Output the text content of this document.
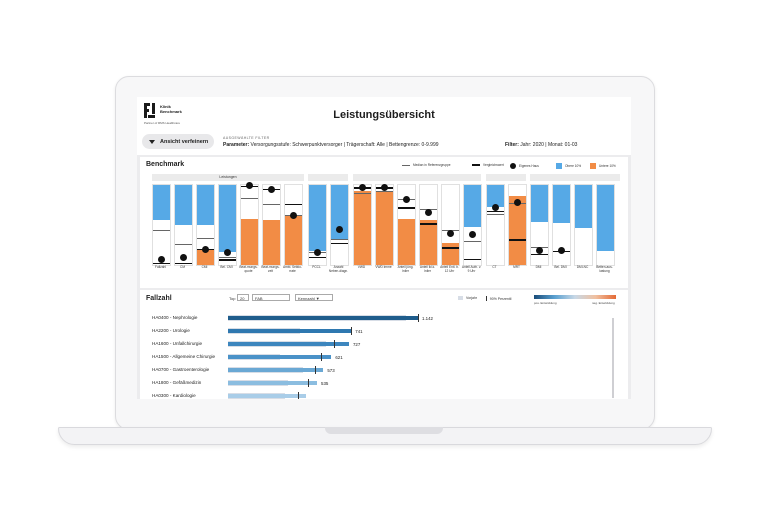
Klinik
Benchmark
Partner of RMS Healthcare
Leistungsübersicht
Ansicht verfeinern
AUSGEWÄHLTE FILTER
Parameter: Versorgungsstufe: Schwerpunktversorger | Trägerschaft: Alle | Bettengrenze: 0-9.999	Filter: Jahr: 2020 | Monat: 01-03
Benchmark	Median in Referenzgruppe	Vergleichswert	Eigenes Haus	Obere 10%	Untere 10%
Leistungen
Fallzahl	CM	CMI	Bel. CMI	Beat-mungs-quote
Beat-mungs-zeit
Ambl. Sektio-rrate
PCCL	Anzahl Neben-diagn.
VWD	VWD Imme	Anteil jüng. Inlier
Anteil lkl.k. Inlier
Anteil Entl. b. 12 Uhr
Anteil Aufn. v. 9 Uhr
CT	MRT	DMI	Bel. DMI	DMI-NC	Betten-aus-lastung
Fallzahl	Top	20	FAB	Kennzahl ▼	Vorjahr	90% Perzentil
pos. Entwicklung	neg. Entwicklung
HA0400 - Nephrologie	1.142
HA2200 - Urologie	741
HA1600 - Unfallchirurgie	727
HA1500 - Allgemeine Chirurgie	621
HA0700 - Gastroenterologie	573
HA1800 - Gefäßmedizin	535
HA0300 - Kardiologie
